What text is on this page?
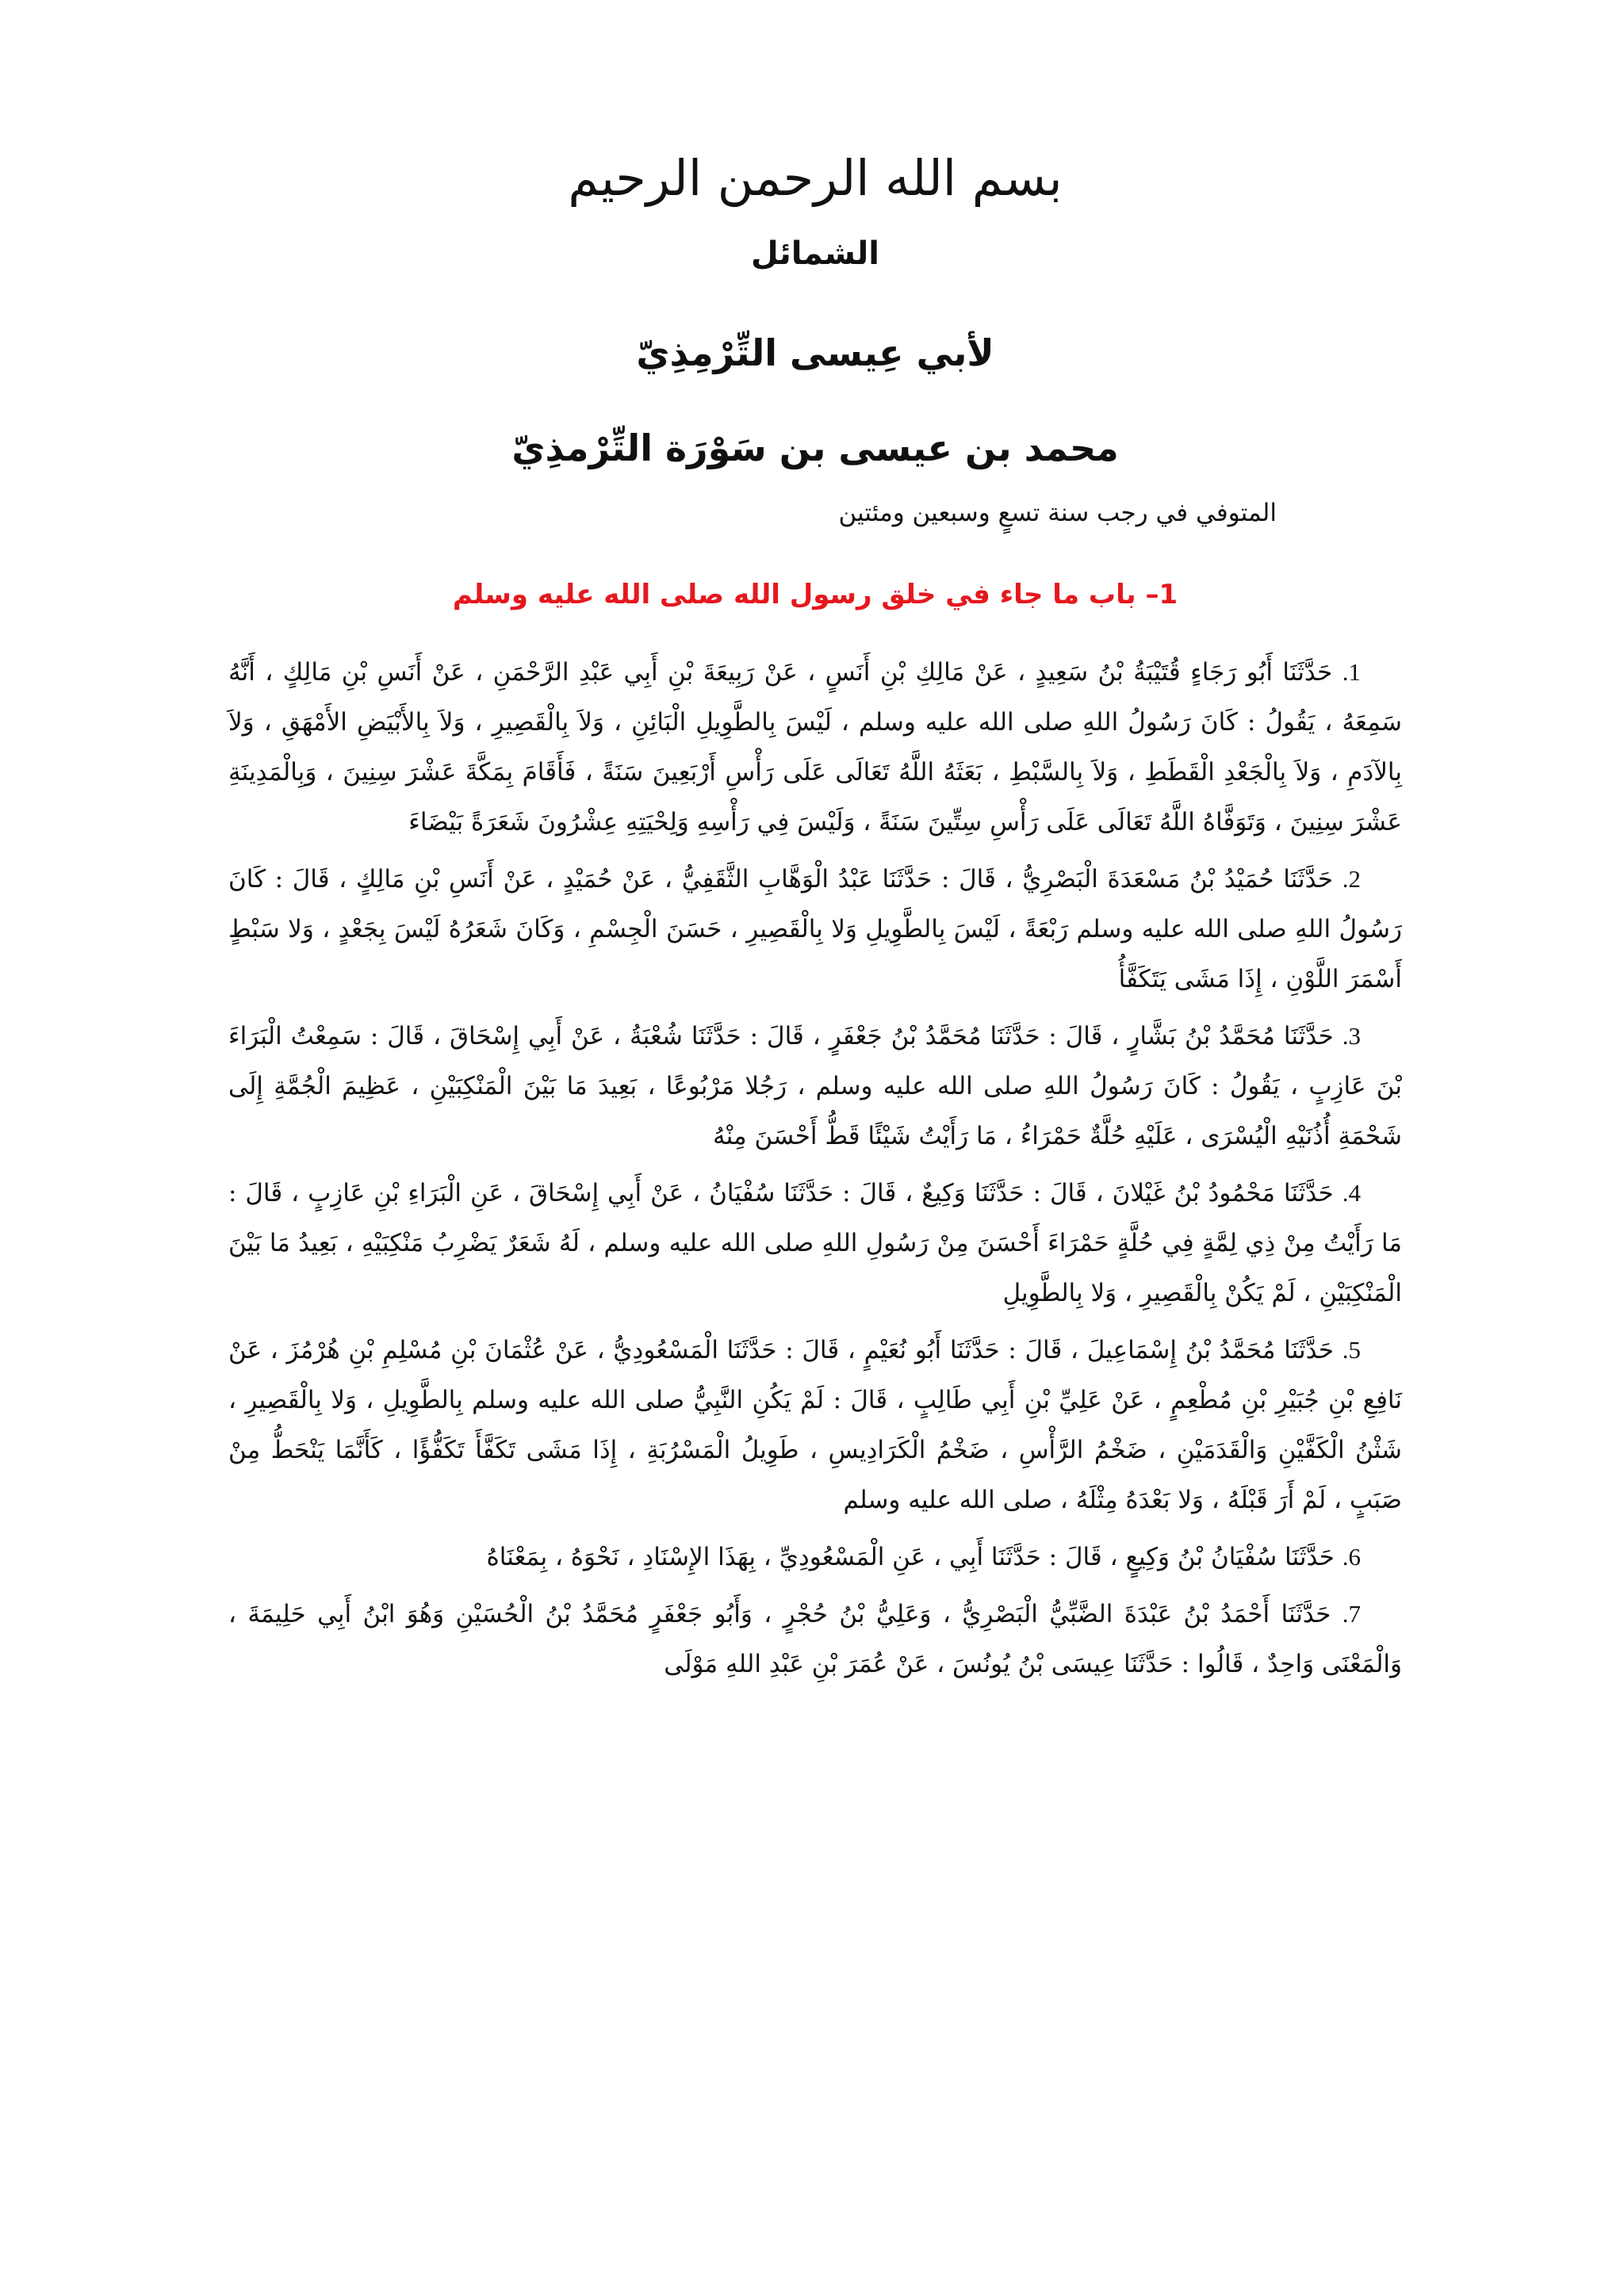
بسم الله الرحمن الرحيم
الشمائل
لأبي عِيسى التِّرْمِذِيّ
محمد بن عيسى بن سَوْرَة التِّرْمذِيّ
المتوفي في رجب سنة تسعٍ وسبعين ومئتين
1– باب ما جاء في خلق رسول الله صلى الله عليه وسلم

1. حَدَّثَنَا أَبُو رَجَاءٍ قُتَيْبَةُ بْنُ سَعِيدٍ ، عَنْ مَالِكِ بْنِ أَنَسٍ ، عَنْ رَبِيعَةَ بْنِ أَبِي عَبْدِ الرَّحْمَنِ ، عَنْ أَنَسِ بْنِ مَالِكٍ ، أَنَّهُ سَمِعَهُ ، يَقُولُ : كَانَ رَسُولُ اللهِ صلى الله عليه وسلم ، لَيْسَ بِالطَّوِيلِ الْبَائِنِ ، وَلاَ بِالْقَصِيرِ ، وَلاَ بِالأَبْيَضِ الأَمْهَقِ ، وَلاَ بِالآدَمِ ، وَلاَ بِالْجَعْدِ الْقَطَطِ ، وَلاَ بِالسَّبْطِ ، بَعَثَهُ اللَّهُ تَعَالَى عَلَى رَأْسِ أَرْبَعِينَ سَنَةً ، فَأَقَامَ بِمَكَّةَ عَشْرَ سِنِينَ ، وَبِالْمَدِينَةِ عَشْرَ سِنِينَ ، وَتَوَفَّاهُ اللَّهُ تَعَالَى عَلَى رَأْسِ سِتِّينَ سَنَةً ، وَلَيْسَ فِي رَأْسِهِ وَلِحْيَتِهِ عِشْرُونَ شَعَرَةً بَيْضَاءَ

2. حَدَّثَنَا حُمَيْدُ بْنُ مَسْعَدَةَ الْبَصْرِيُّ ، قَالَ : حَدَّثَنَا عَبْدُ الْوَهَّابِ الثَّقَفِيُّ ، عَنْ حُمَيْدٍ ، عَنْ أَنَسِ بْنِ مَالِكٍ ، قَالَ : كَانَ رَسُولُ اللهِ صلى الله عليه وسلم رَبْعَةً ، لَيْسَ بِالطَّوِيلِ وَلا بِالْقَصِيرِ ، حَسَنَ الْجِسْمِ ، وَكَانَ شَعَرُهُ لَيْسَ بِجَعْدٍ ، وَلا سَبْطٍ أَسْمَرَ اللَّوْنِ ، إِذَا مَشَى يَتَكَفَّأُ

3. حَدَّثَنَا مُحَمَّدُ بْنُ بَشَّارٍ ، قَالَ : حَدَّثَنَا مُحَمَّدُ بْنُ جَعْفَرٍ ، قَالَ : حَدَّثَنَا شُعْبَةُ ، عَنْ أَبِي إِسْحَاقَ ، قَالَ : سَمِعْتُ الْبَرَاءَ بْنَ عَازِبٍ ، يَقُولُ : كَانَ رَسُولُ اللهِ صلى الله عليه وسلم ، رَجُلا مَرْبُوعًا ، بَعِيدَ مَا بَيْنَ الْمَنْكِبَيْنِ ، عَظِيمَ الْجُمَّةِ إِلَى شَحْمَةِ أُذُنَيْهِ الْيُسْرَى ، عَلَيْهِ حُلَّةٌ حَمْرَاءُ ، مَا رَأَيْتُ شَيْئًا قَطُّ أَحْسَنَ مِنْهُ

4. حَدَّثَنَا مَحْمُودُ بْنُ غَيْلانَ ، قَالَ : حَدَّثَنَا وَكِيعٌ ، قَالَ : حَدَّثَنَا سُفْيَانُ ، عَنْ أَبِي إِسْحَاقَ ، عَنِ الْبَرَاءِ بْنِ عَازِبٍ ، قَالَ : مَا رَأَيْتُ مِنْ ذِي لِمَّةٍ فِي حُلَّةٍ حَمْرَاءَ أَحْسَنَ مِنْ رَسُولِ اللهِ صلى الله عليه وسلم ، لَهُ شَعَرٌ يَضْرِبُ مَنْكِبَيْهِ ، بَعِيدُ مَا بَيْنَ الْمَنْكِبَيْنِ ، لَمْ يَكُنْ بِالْقَصِيرِ ، وَلا بِالطَّوِيلِ

5. حَدَّثَنَا مُحَمَّدُ بْنُ إِسْمَاعِيلَ ، قَالَ : حَدَّثَنَا أَبُو نُعَيْمٍ ، قَالَ : حَدَّثَنَا الْمَسْعُودِيُّ ، عَنْ عُثْمَانَ بْنِ مُسْلِمِ بْنِ هُرْمُزَ ، عَنْ نَافِعِ بْنِ جُبَيْرِ بْنِ مُطْعِمٍ ، عَنْ عَلِيِّ بْنِ أَبِي طَالِبٍ ، قَالَ : لَمْ يَكُنِ النَّبِيُّ صلى الله عليه وسلم بِالطَّوِيلِ ، وَلا بِالْقَصِيرِ ، شَثْنُ الْكَفَّيْنِ وَالْقَدَمَيْنِ ، ضَخْمُ الرَّأْسِ ، ضَخْمُ الْكَرَادِيسِ ، طَوِيلُ الْمَسْرُبَةِ ، إِذَا مَشَى تَكَفَّأَ تَكَفُّؤًا ، كَأَنَّمَا يَنْحَطُّ مِنْ صَبَبٍ ، لَمْ أَرَ قَبْلَهُ ، وَلا بَعْدَهُ مِثْلَهُ ، صلى الله عليه وسلم

6. حَدَّثَنَا سُفْيَانُ بْنُ وَكِيعٍ ، قَالَ : حَدَّثَنَا أَبِي ، عَنِ الْمَسْعُودِيِّ ، بِهَذَا الإِسْنَادِ ، نَحْوَهُ ، بِمَعْنَاهُ

7. حَدَّثَنَا أَحْمَدُ بْنُ عَبْدَةَ الضَّبِّيُّ الْبَصْرِيُّ ، وَعَلِيُّ بْنُ حُجْرٍ ، وَأَبُو جَعْفَرٍ مُحَمَّدُ بْنُ الْحُسَيْنِ وَهُوَ ابْنُ أَبِي حَلِيمَةَ ، وَالْمَعْنَى وَاحِدٌ ، قَالُوا : حَدَّثَنَا عِيسَى بْنُ يُونُسَ ، عَنْ عُمَرَ بْنِ عَبْدِ اللهِ مَوْلَى
